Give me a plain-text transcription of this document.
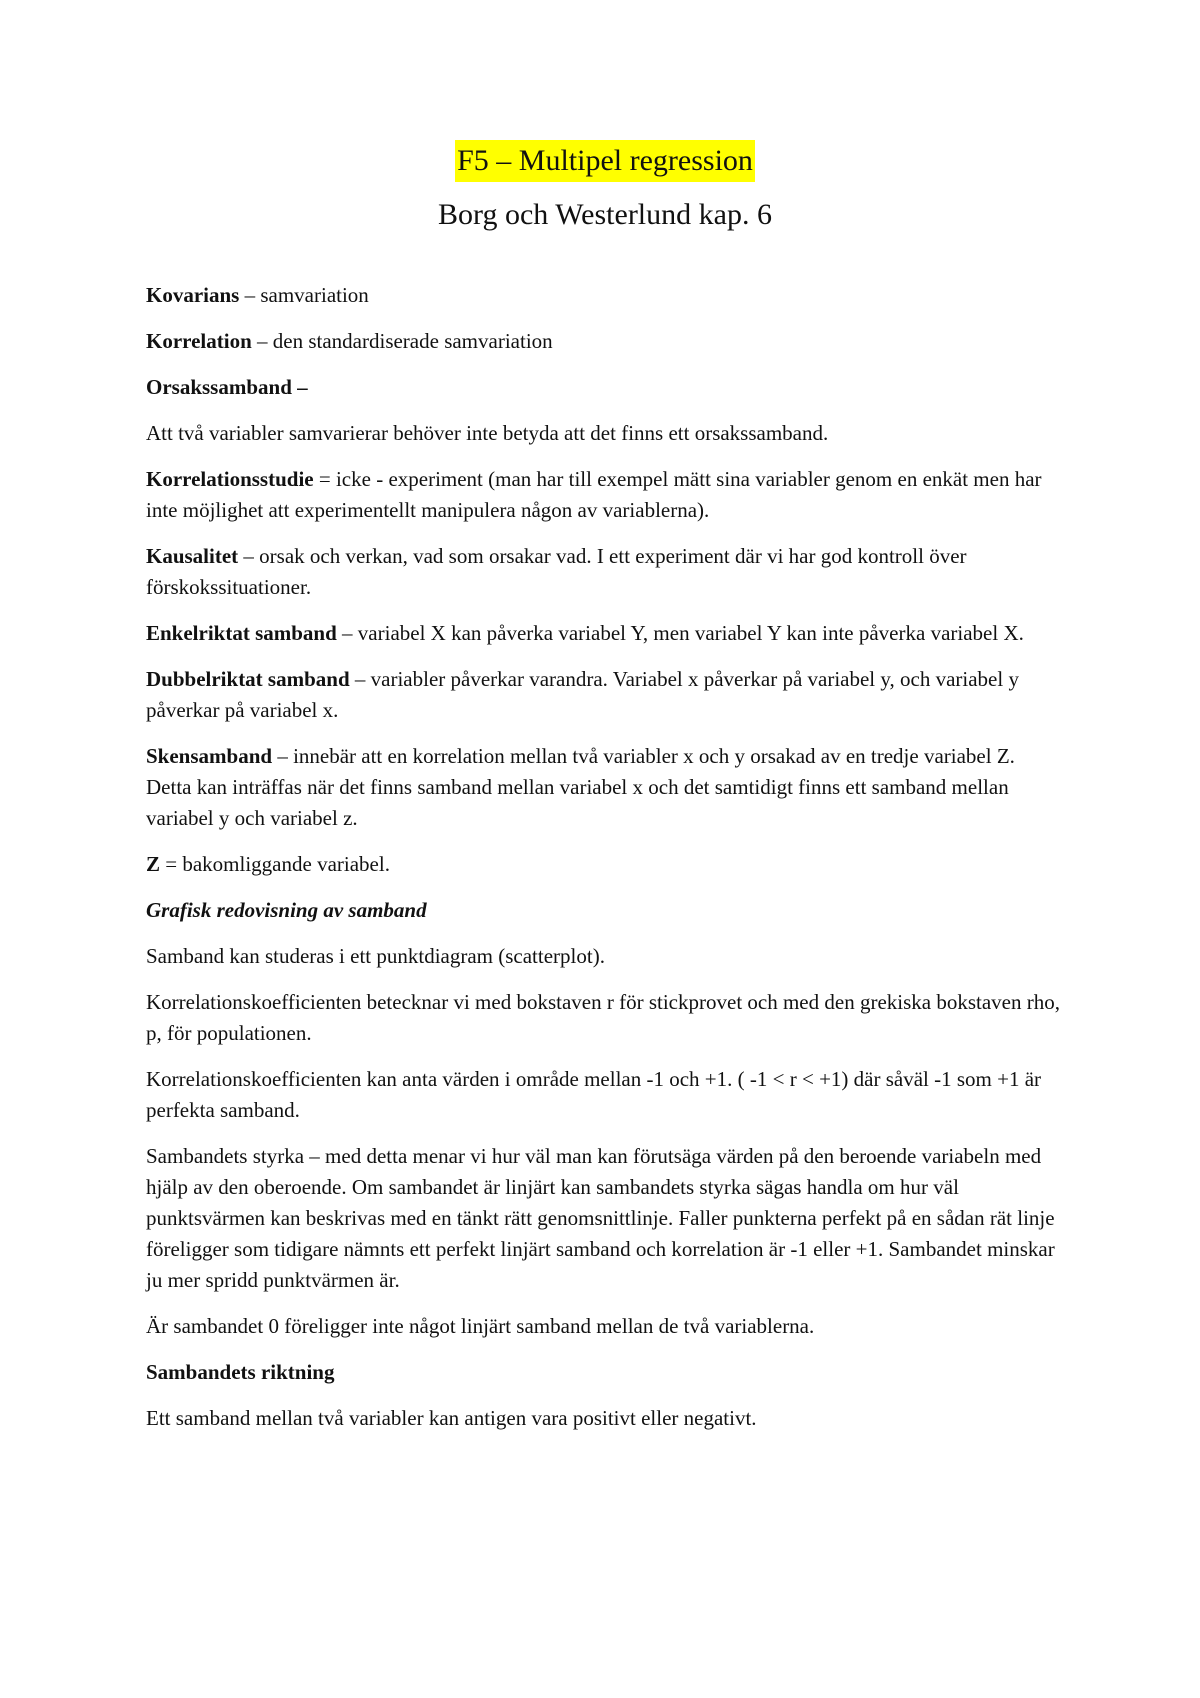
F5 – Multipel regression
Borg och Westerlund kap. 6

Kovarians – samvariation

Korrelation – den standardiserade samvariation

Orsakssamband –

Att två variabler samvarierar behöver inte betyda att det finns ett orsakssamband.

Korrelationsstudie = icke - experiment (man har till exempel mätt sina variabler genom en enkät men har inte möjlighet att experimentellt manipulera någon av variablerna).

Kausalitet – orsak och verkan, vad som orsakar vad. I ett experiment där vi har god kontroll över förskokssituationer.

Enkelriktat samband – variabel X kan påverka variabel Y, men variabel Y kan inte påverka variabel X.

Dubbelriktat samband – variabler påverkar varandra. Variabel x påverkar på variabel y, och variabel y påverkar på variabel x.

Skensamband – innebär att en korrelation mellan två variabler x och y orsakad av en tredje variabel Z. Detta kan inträffas när det finns samband mellan variabel x och det samtidigt finns ett samband mellan variabel y och variabel z.

Z = bakomliggande variabel.

Grafisk redovisning av samband

Samband kan studeras i ett punktdiagram (scatterplot).

Korrelationskoefficienten betecknar vi med bokstaven r för stickprovet och med den grekiska bokstaven rho, p, för populationen.

Korrelationskoefficienten kan anta värden i område mellan -1 och +1. ( -1 < r < +1) där såväl -1 som +1 är perfekta samband.

Sambandets styrka – med detta menar vi hur väl man kan förutsäga värden på den beroende variabeln med hjälp av den oberoende. Om sambandet är linjärt kan sambandets styrka sägas handla om hur väl punktsvärmen kan beskrivas med en tänkt rätt genomsnittlinje. Faller punkterna perfekt på en sådan rät linje föreligger som tidigare nämnts ett perfekt linjärt samband och korrelation är -1 eller +1. Sambandet minskar ju mer spridd punktvärmen är.

Är sambandet 0 föreligger inte något linjärt samband mellan de två variablerna.

Sambandets riktning

Ett samband mellan två variabler kan antigen vara positivt eller negativt.
